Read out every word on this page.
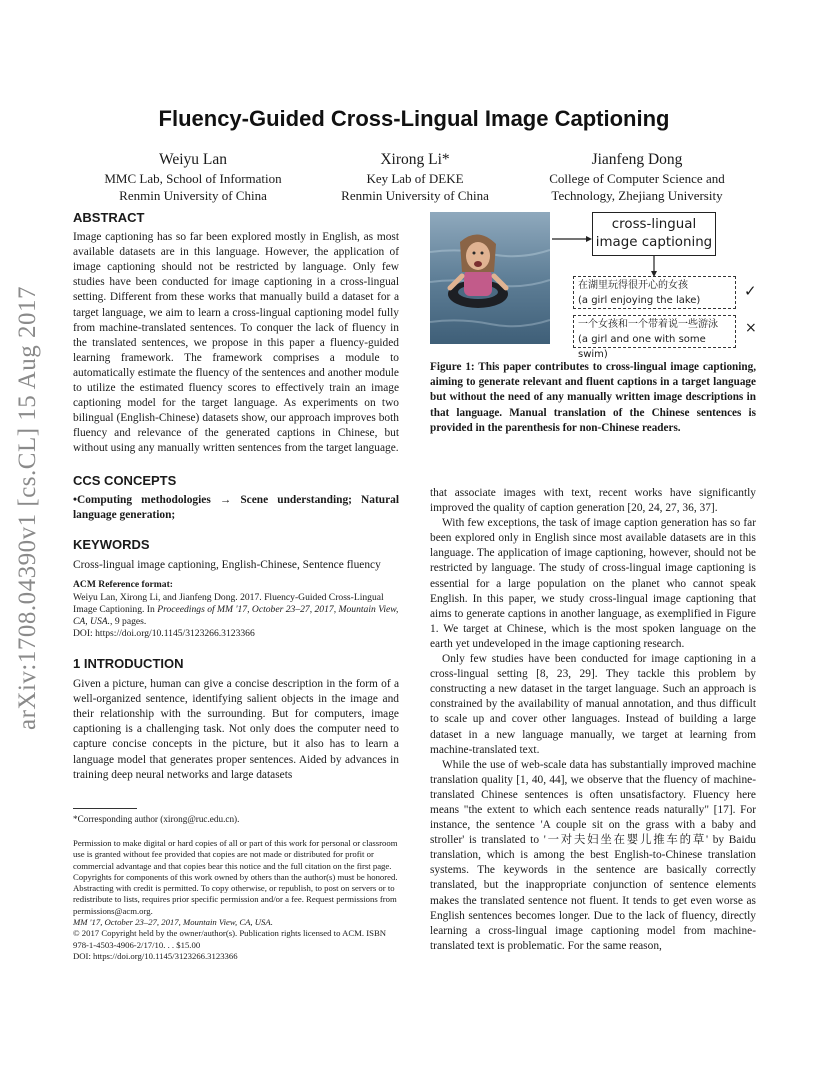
arXiv:1708.04390v1 [cs.CL] 15 Aug 2017
Fluency-Guided Cross-Lingual Image Captioning
Weiyu Lan
MMC Lab, School of Information
Renmin University of China
Xirong Li*
Key Lab of DEKE
Renmin University of China
Jianfeng Dong
College of Computer Science and
Technology, Zhejiang University

ABSTRACT

Image captioning has so far been explored mostly in English, as most available datasets are in this language. However, the application of image captioning should not be restricted by language. Only few studies have been conducted for image captioning in a cross-lingual setting. Different from these works that manually build a dataset for a target language, we aim to learn a cross-lingual captioning model fully from machine-translated sentences. To conquer the lack of fluency in the translated sentences, we propose in this paper a fluency-guided learning framework. The framework comprises a module to automatically estimate the fluency of the sentences and another module to utilize the estimated fluency scores to effectively train an image captioning model for the target language. As experiments on two bilingual (English-Chinese) datasets show, our approach improves both fluency and relevance of the generated captions in Chinese, but without using any manually written sentences from the target language.

CCS CONCEPTS

•Computing methodologies → Scene understanding; Natural language generation;

KEYWORDS

Cross-lingual image captioning, English-Chinese, Sentence fluency

ACM Reference format:
Weiyu Lan, Xirong Li, and Jianfeng Dong. 2017. Fluency-Guided Cross-Lingual Image Captioning. In Proceedings of MM '17, October 23–27, 2017, Mountain View, CA, USA., 9 pages.
DOI: https://doi.org/10.1145/3123266.3123366

1 INTRODUCTION

Given a picture, human can give a concise description in the form of a well-organized sentence, identifying salient objects in the image and their relationship with the surrounding. But for computers, image captioning is a challenging task. Not only does the computer need to capture concise concepts in the picture, but it also has to learn a language model that generates proper sentences. Aided by advances in training deep neural networks and large datasets

*Corresponding author (xirong@ruc.edu.cn).
Permission to make digital or hard copies of all or part of this work for personal or classroom use is granted without fee provided that copies are not made or distributed for profit or commercial advantage and that copies bear this notice and the full citation on the first page. Copyrights for components of this work owned by others than the author(s) must be honored. Abstracting with credit is permitted. To copy otherwise, or republish, to post on servers or to redistribute to lists, requires prior specific permission and/or a fee. Request permissions from permissions@acm.org.
MM '17, October 23–27, 2017, Mountain View, CA, USA.
© 2017 Copyright held by the owner/author(s). Publication rights licensed to ACM. ISBN 978-1-4503-4906-2/17/10. . . $15.00
DOI: https://doi.org/10.1145/3123266.3123366
cross-lingual
image captioning
在湖里玩得很开心的女孩
(a girl enjoying the lake)
✓
一个女孩和一个带着说一些游泳
(a girl and one with some swim)
×
Figure 1: This paper contributes to cross-lingual image captioning, aiming to generate relevant and fluent captions in a target language but without the need of any manually written image descriptions in that language. Manual translation of the Chinese sentences is provided in the parenthesis for non-Chinese readers.

that associate images with text, recent works have significantly improved the quality of caption generation [20, 24, 27, 36, 37].

With few exceptions, the task of image caption generation has so far been explored only in English since most available datasets are in this language. The application of image captioning, however, should not be restricted by language. The study of cross-lingual image captioning is essential for a large population on the planet who cannot speak English. In this paper, we study cross-lingual image captioning that aims to generate captions in another language, as exemplified in Figure 1. We target at Chinese, which is the most spoken language on the earth yet undeveloped in the image captioning research.

Only few studies have been conducted for image captioning in a cross-lingual setting [8, 23, 29]. They tackle this problem by constructing a new dataset in the target language. Such an approach is constrained by the availability of manual annotation, and thus difficult to scale up and cover other languages. Instead of building a large dataset in a new language manually, we target at learning from machine-translated text.

While the use of web-scale data has substantially improved machine translation quality [1, 40, 44], we observe that the fluency of machine-translated Chinese sentences is often unsatisfactory. Fluency here means "the extent to which each sentence reads naturally" [17]. For instance, the sentence 'A couple sit on the grass with a baby and stroller' is translated to '一对夫妇坐在婴儿推车的草' by Baidu translation, which is among the best English-to-Chinese translation systems. The keywords in the sentence are basically correctly translated, but the inappropriate conjunction of sentence elements makes the translated sentence not fluent. It tends to get even worse as English sentences becomes longer. Due to the lack of fluency, directly learning a cross-lingual image captioning model from machine-translated text is problematic. For the same reason,
